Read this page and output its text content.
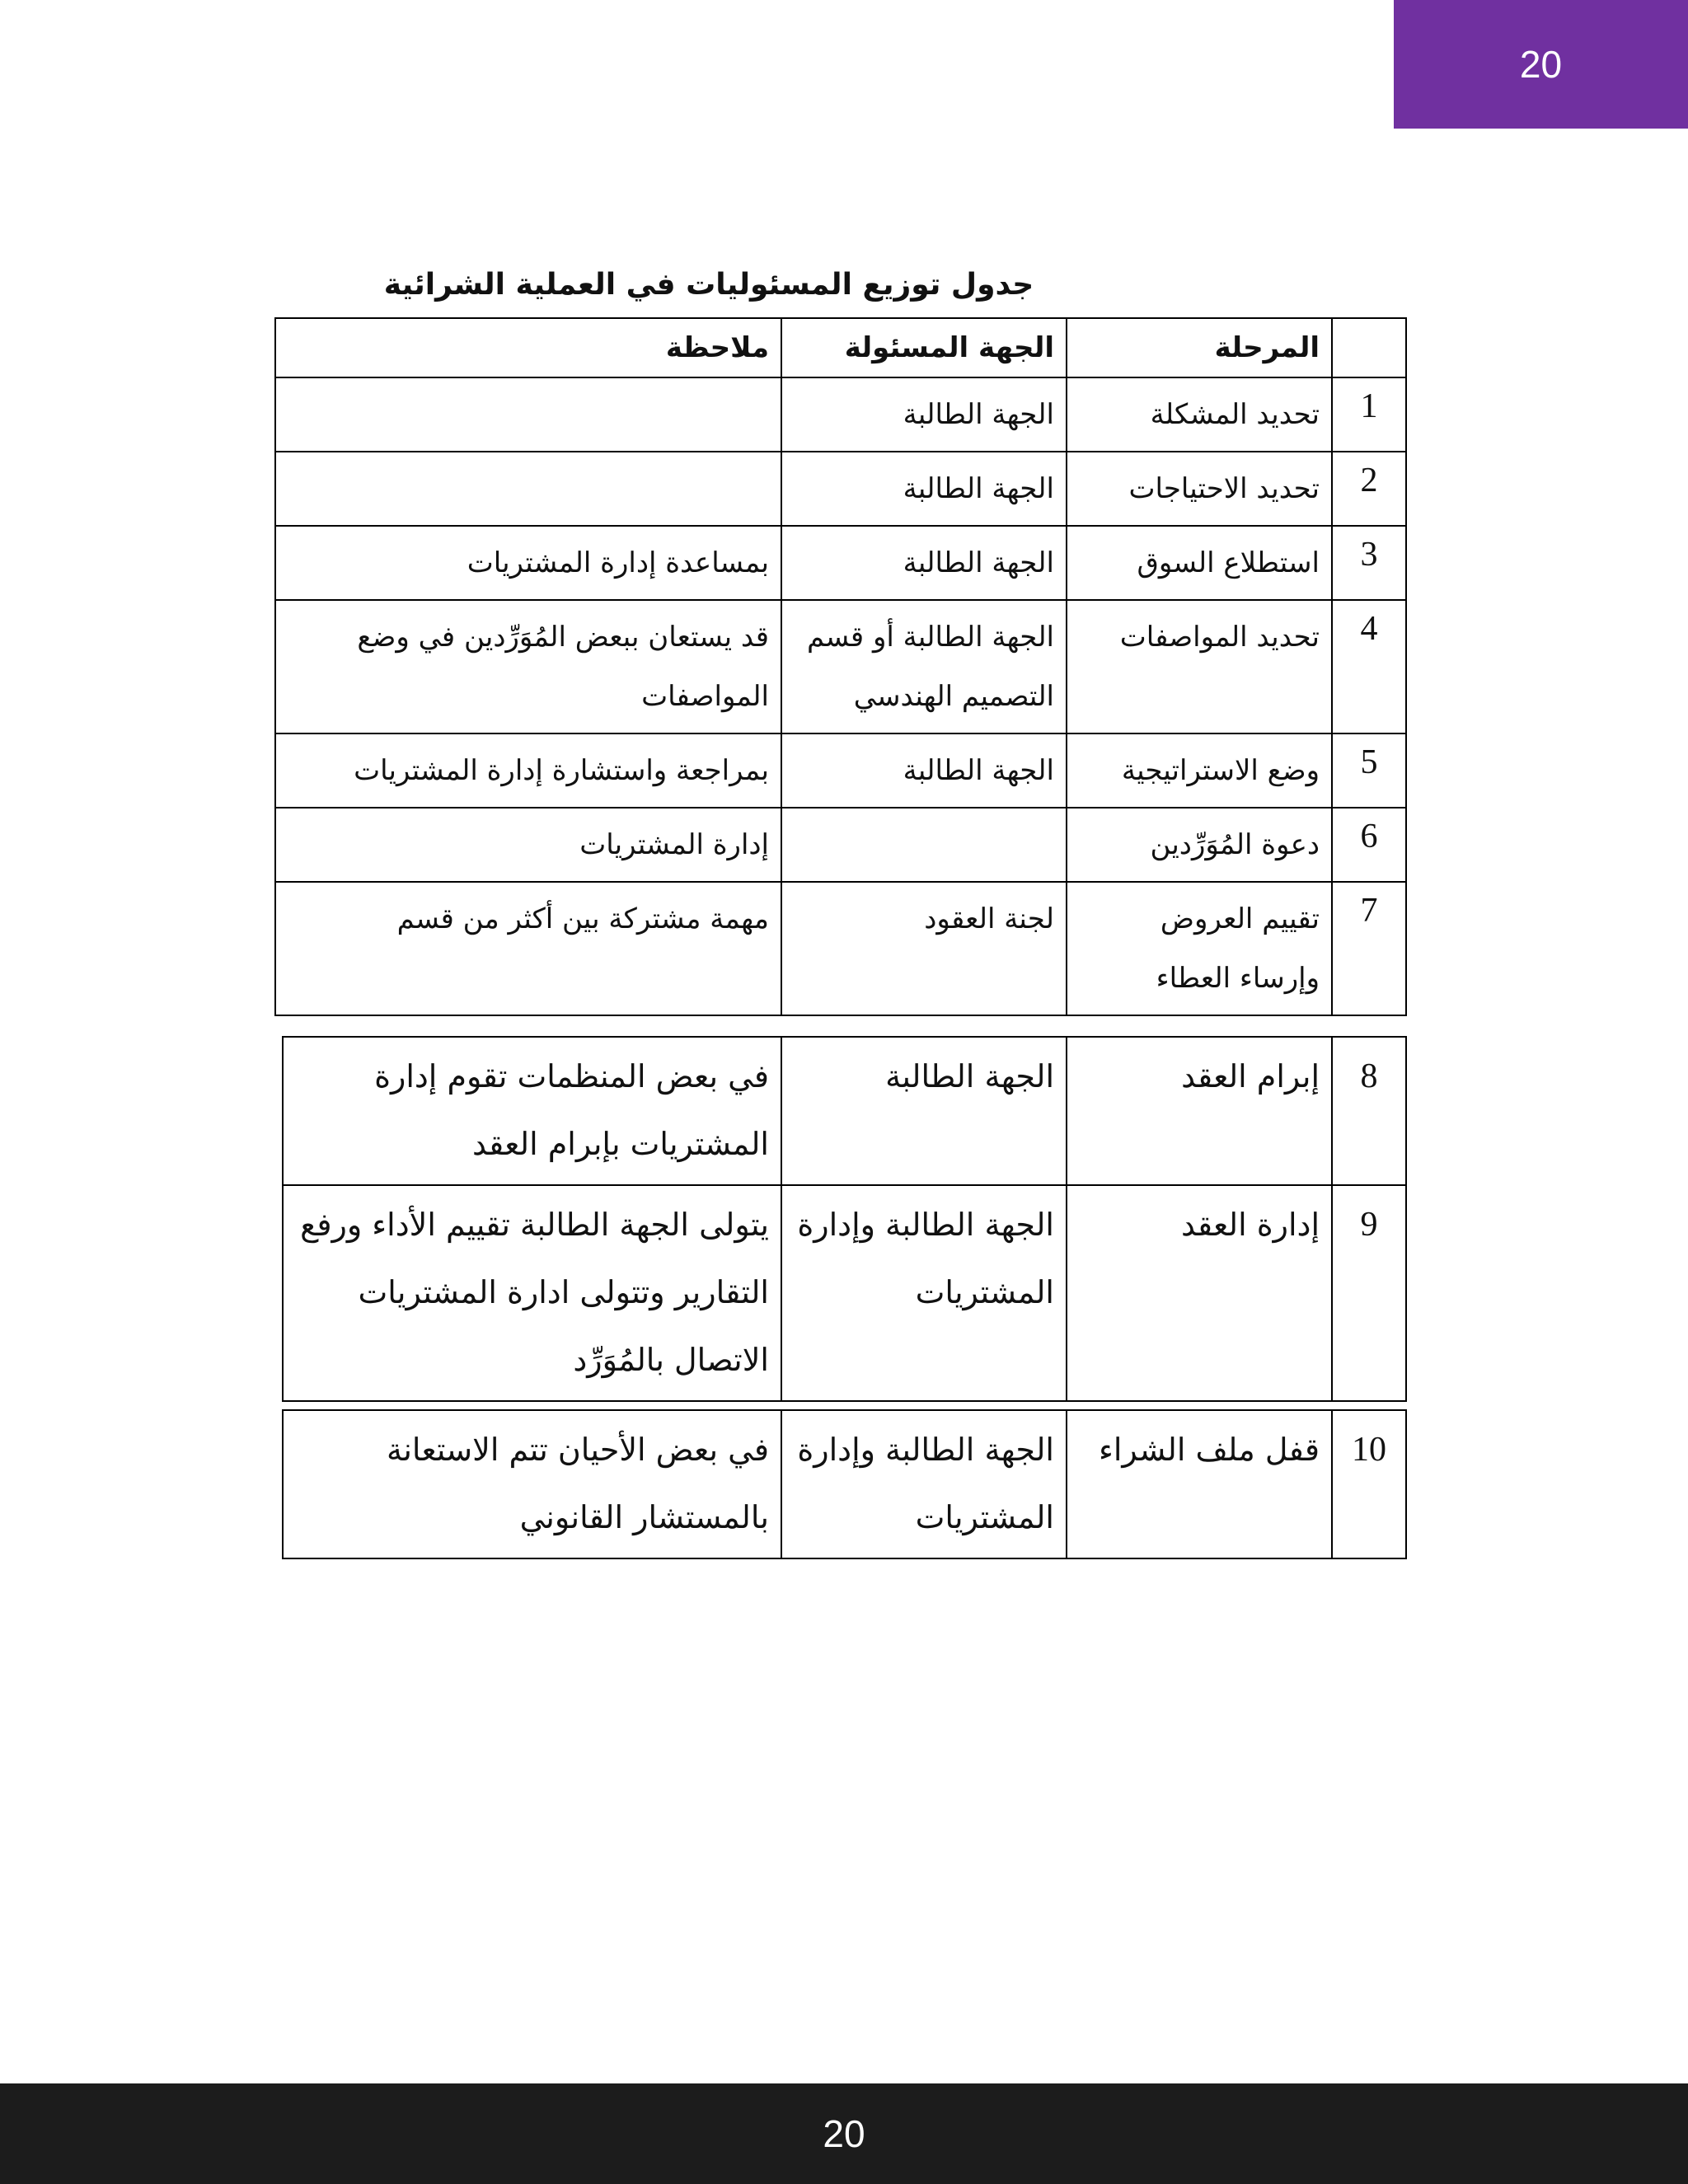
20
جدول توزيع المسئوليات في العملية الشرائية
	المرحلة	الجهة المسئولة	ملاحظة
1	تحديد المشكلة	الجهة الطالبة	
2	تحديد الاحتياجات	الجهة الطالبة	
3	استطلاع السوق	الجهة الطالبة	بمساعدة إدارة المشتريات
4	تحديد المواصفات	الجهة الطالبة أو قسم التصميم الهندسي	قد يستعان ببعض المُوَرِّدين في وضع المواصفات
5	وضع الاستراتيجية	الجهة الطالبة	بمراجعة واستشارة إدارة المشتريات
6	دعوة المُوَرِّدين		إدارة المشتريات
7	تقييم العروض وإرساء العطاء	لجنة العقود	مهمة مشتركة بين أكثر من قسم
8	إبرام العقد	الجهة الطالبة	في بعض المنظمات تقوم إدارة المشتريات بإبرام العقد
9	إدارة العقد	الجهة الطالبة وإدارة المشتريات	يتولى الجهة الطالبة تقييم الأداء ورفع التقارير وتتولى ادارة المشتريات الاتصال بالمُوَرِّد
10	قفل ملف الشراء	الجهة الطالبة وإدارة المشتريات	في بعض الأحيان تتم الاستعانة بالمستشار القانوني
20
